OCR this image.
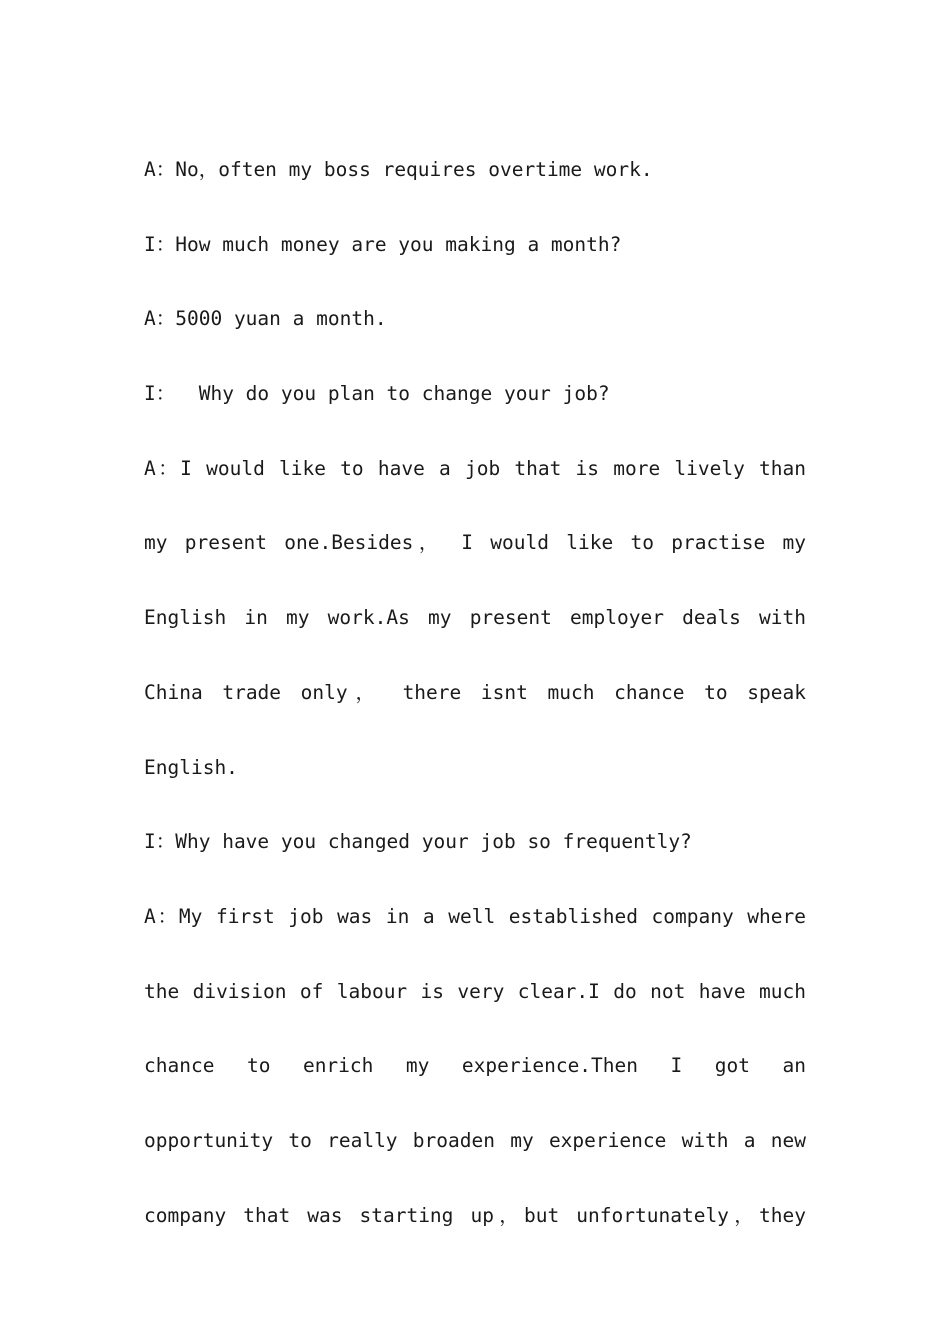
A：No，often my boss requires overtime work.
I：How much money are you making a month?
A：5000 yuan a month.
I：  Why do you plan to change your job?
A：I would like to have a job that is more lively than
my present one.Besides， I would like to practise my
English in my work.As my present employer deals with
China trade only， there isnt much chance to speak
English.
I：Why have you changed your job so frequently?
A：My first job was in a well established company where
the division of labour is very clear.I do not have much
chance to enrich my experience.Then I got an
opportunity to really broaden my experience with a new
company that was starting up，but unfortunately，they
